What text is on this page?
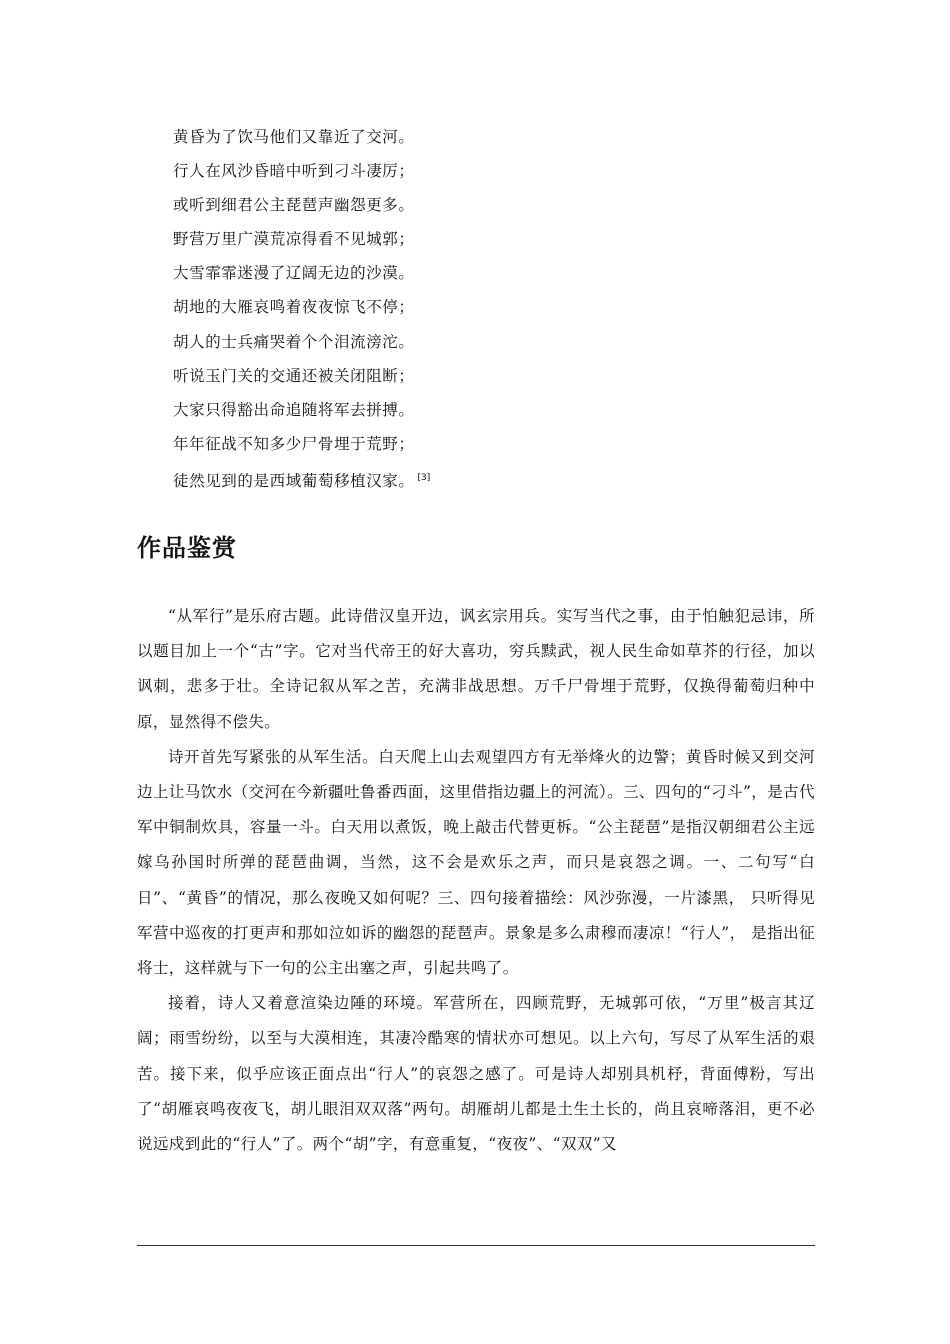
黄昏为了饮马他们又靠近了交河。
行人在风沙昏暗中听到刁斗凄厉；
或听到细君公主琵琶声幽怨更多。
野营万里广漠荒凉得看不见城郭；
大雪霏霏迷漫了辽阔无边的沙漠。
胡地的大雁哀鸣着夜夜惊飞不停；
胡人的士兵痛哭着个个泪流滂沱。
听说玉门关的交通还被关闭阻断；
大家只得豁出命追随将军去拼搏。
年年征战不知多少尸骨埋于荒野；
徒然见到的是西域葡萄移植汉家。 [3]
作品鉴赏

“从军行”是乐府古题。此诗借汉皇开边，讽玄宗用兵。实写当代之事，由于怕触犯忌讳，所以题目加上一个“古”字。它对当代帝王的好大喜功，穷兵黩武，视人民生命如草芥的行径，加以讽刺，悲多于壮。全诗记叙从军之苦，充满非战思想。万千尸骨埋于荒野，仅换得葡萄归种中原，显然得不偿失。

诗开首先写紧张的从军生活。白天爬上山去观望四方有无举烽火的边警；黄昏时候又到交河边上让马饮水（交河在今新疆吐鲁番西面，这里借指边疆上的河流）。三、四句的“刁斗”，是古代军中铜制炊具，容量一斗。白天用以煮饭，晚上敲击代替更柝。“公主琵琶”是指汉朝细君公主远嫁乌孙国时所弹的琵琶曲调，当然，这不会是欢乐之声，而只是哀怨之调。一、二句写“白日”、“黄昏”的情况，那么夜晚又如何呢？三、四句接着描绘：风沙弥漫，一片漆黑， 只听得见军营中巡夜的打更声和那如泣如诉的幽怨的琵琶声。景象是多么肃穆而凄凉！“行人”， 是指出征将士，这样就与下一句的公主出塞之声，引起共鸣了。

接着，诗人又着意渲染边陲的环境。军营所在，四顾荒野，无城郭可依，“万里”极言其辽阔；雨雪纷纷，以至与大漠相连，其凄冷酷寒的情状亦可想见。以上六句，写尽了从军生活的艰苦。接下来，似乎应该正面点出“行人”的哀怨之感了。可是诗人却别具机杼，背面傅粉，写出了“胡雁哀鸣夜夜飞，胡儿眼泪双双落”两句。胡雁胡儿都是土生土长的，尚且哀啼落泪，更不必说远戍到此的“行人”了。两个“胡”字，有意重复，“夜夜”、“双双”又
